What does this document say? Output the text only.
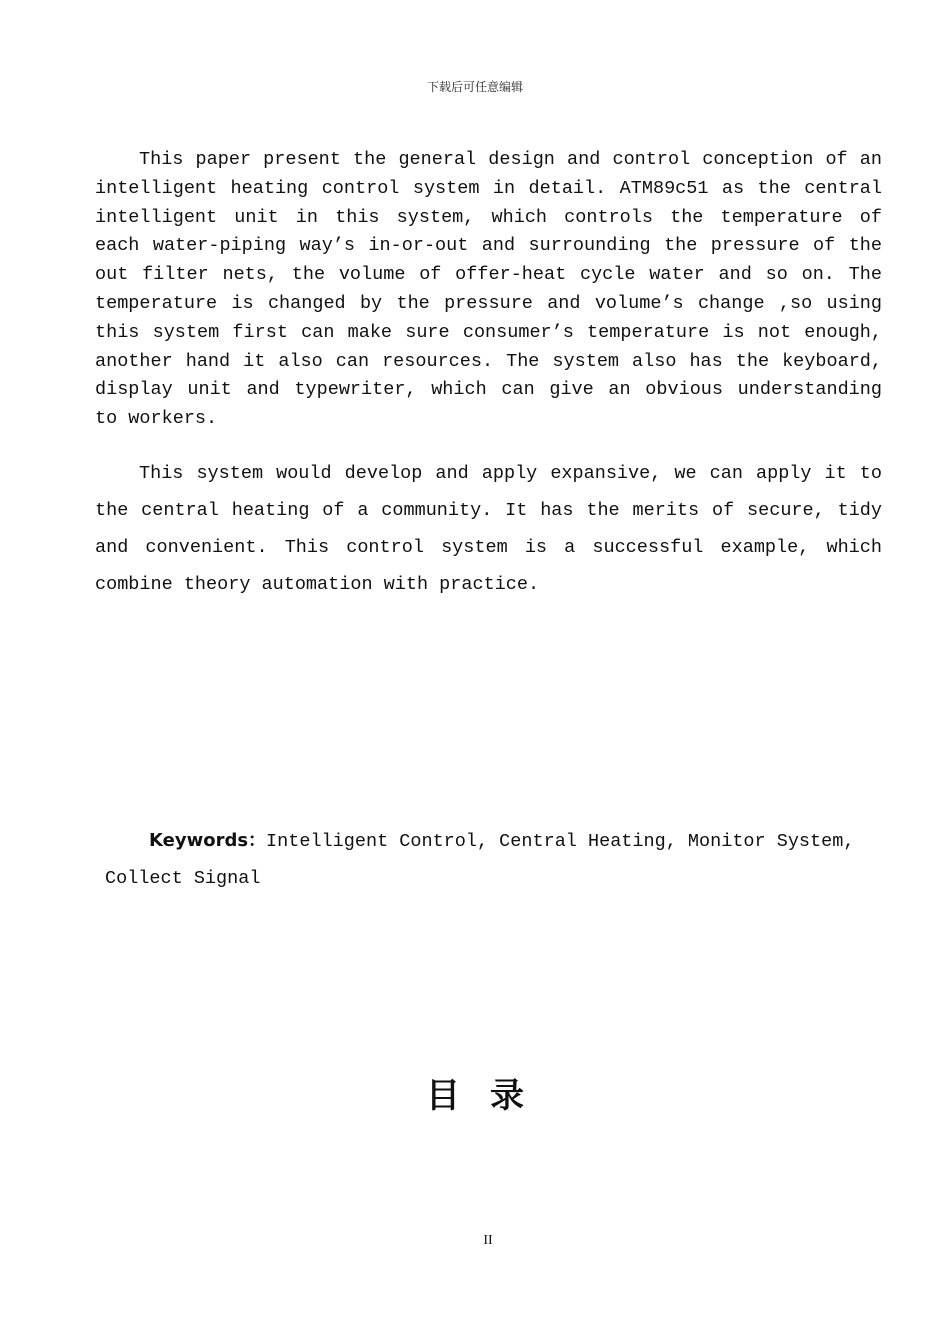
下载后可任意编辑

This paper present the general design and control conception of an intelligent heating control system in detail. ATM89c51 as the central intelligent unit in this system, which controls the temperature of each water-piping way’s in-or-out and surrounding the pressure of the out filter nets, the volume of offer-heat cycle water and so on. The temperature is changed by the pressure and volume’s change ,so using this system first can make sure consumer’s temperature is not enough, another hand it also can resources. The system also has the keyboard, display unit and typewriter, which can give an obvious understanding to workers.

This system would develop and apply expansive, we can apply it to the central heating of a community. It has the merits of secure, tidy and convenient. This control system is a successful example, which combine theory automation with practice.

Keywords：Intelligent Control, Central Heating, Monitor System, Collect Signal

目录
II
